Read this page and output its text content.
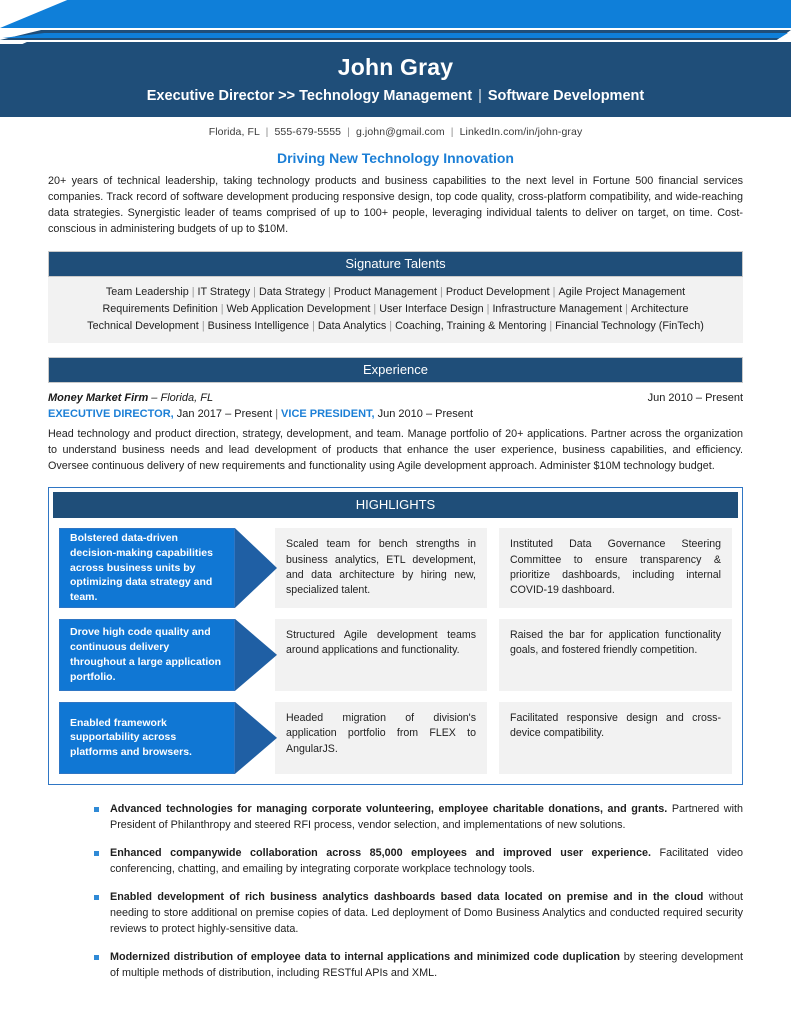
John Gray
Executive Director >> Technology Management | Software Development
Florida, FL | 555-679-5555 | g.john@gmail.com | LinkedIn.com/in/john-gray
Driving New Technology Innovation
20+ years of technical leadership, taking technology products and business capabilities to the next level in Fortune 500 financial services companies. Track record of software development producing responsive design, top code quality, cross-platform compatibility, and wide-reaching data strategies. Synergistic leader of teams comprised of up to 100+ people, leveraging individual talents to deliver on target, on time. Cost-conscious in administering budgets of up to $10M.
Signature Talents
Team Leadership | IT Strategy | Data Strategy | Product Management | Product Development | Agile Project Management
Requirements Definition | Web Application Development | User Interface Design | Infrastructure Management | Architecture
Technical Development | Business Intelligence | Data Analytics | Coaching, Training & Mentoring | Financial Technology (FinTech)
Experience
Money Market Firm – Florida, FL	Jun 2010 – Present
EXECUTIVE DIRECTOR, Jan 2017 – Present | VICE PRESIDENT, Jun 2010 – Present
Head technology and product direction, strategy, development, and team. Manage portfolio of 20+ applications. Partner across the organization to understand business needs and lead development of products that enhance the user experience, business capabilities, and efficiency. Oversee continuous delivery of new requirements and functionality using Agile development approach. Administer $10M technology budget.
HIGHLIGHTS
Bolstered data-driven decision-making capabilities across business units by optimizing data strategy and team.
Scaled team for bench strengths in business analytics, ETL development, and data architecture by hiring new, specialized talent.
Instituted Data Governance Steering Committee to ensure transparency & prioritize dashboards, including internal COVID-19 dashboard.
Drove high code quality and continuous delivery throughout a large application portfolio.
Structured Agile development teams around applications and functionality.
Raised the bar for application functionality goals, and fostered friendly competition.
Enabled framework supportability across platforms and browsers.
Headed migration of division's application portfolio from FLEX to AngularJS.
Facilitated responsive design and cross-device compatibility.
Advanced technologies for managing corporate volunteering, employee charitable donations, and grants. Partnered with President of Philanthropy and steered RFI process, vendor selection, and implementations of new solutions.
Enhanced companywide collaboration across 85,000 employees and improved user experience. Facilitated video conferencing, chatting, and emailing by integrating corporate workplace technology tools.
Enabled development of rich business analytics dashboards based data located on premise and in the cloud without needing to store additional on premise copies of data. Led deployment of Domo Business Analytics and conducted required security reviews to protect highly-sensitive data.
Modernized distribution of employee data to internal applications and minimized code duplication by steering development of multiple methods of distribution, including RESTful APIs and XML.
